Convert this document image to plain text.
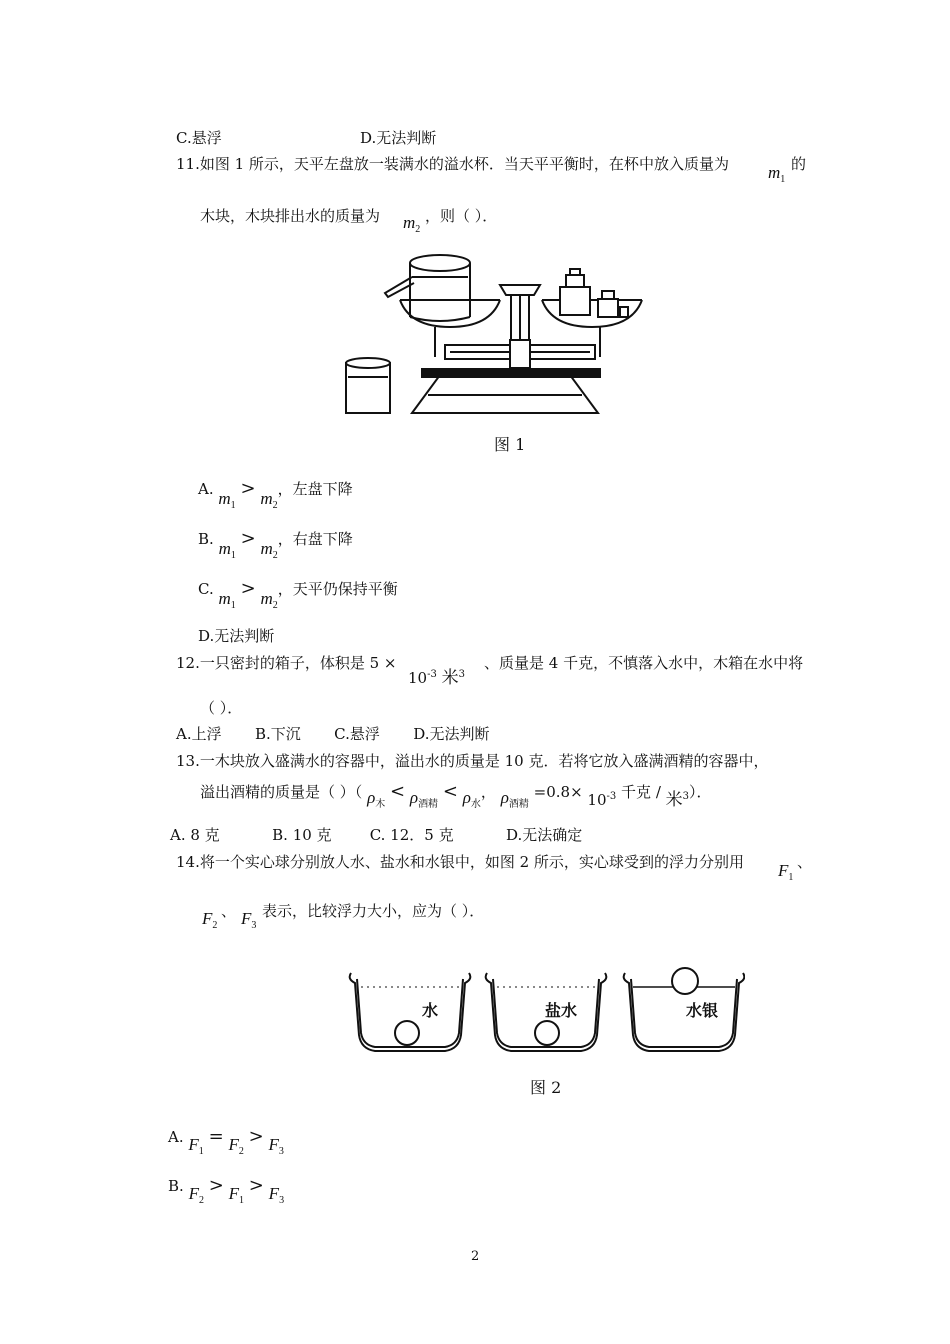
C.悬浮	D.无法判断
11.如图 1 所示，天平左盘放一装满水的溢水杯．当天平平衡时，在杯中放入质量为 $m_1$
的
木块，木块排出水的质量为 $m_2$
，则（ ）．
图 1
A. $m_1 > m_2$，左盘下降
B. $m_1 > m_2$，右盘下降
C. $m_1 > m_2$，天平仍保持平衡
D.无法判断
12.一只密封的箱子，体积是 5 ×
$10^{-3}$ 米$^3$
、质量是 4 千克，不慎落入水中，木箱在水中将
（ ）．
A.上浮       B.下沉       C.悬浮       D.无法判断
13.一木块放入盛满水的容器中，溢出水的质量是 10 克．若将它放入盛满酒精的容器中，
溢出酒精的质量是（ ）（ $\rho_木 < \rho_{酒精} < \rho_水$， $\rho_{酒精} =0.8\times 10^{-3}$ 千克 / 米$^3$）．
A. 8 克           B. 10 克        C. 12．5 克           D.无法确定
14.将一个实心球分别放人水、盐水和水银中，如图 2 所示，实心球受到的浮力分别用 $F_1$
、
$F_2$
、 $F_3$
表示，比较浮力大小，应为（ ）．
水	盐水	水银
图 2
A. $F_1 = F_2 > F_3$
B. $F_2 > F_1 > F_3$
2
